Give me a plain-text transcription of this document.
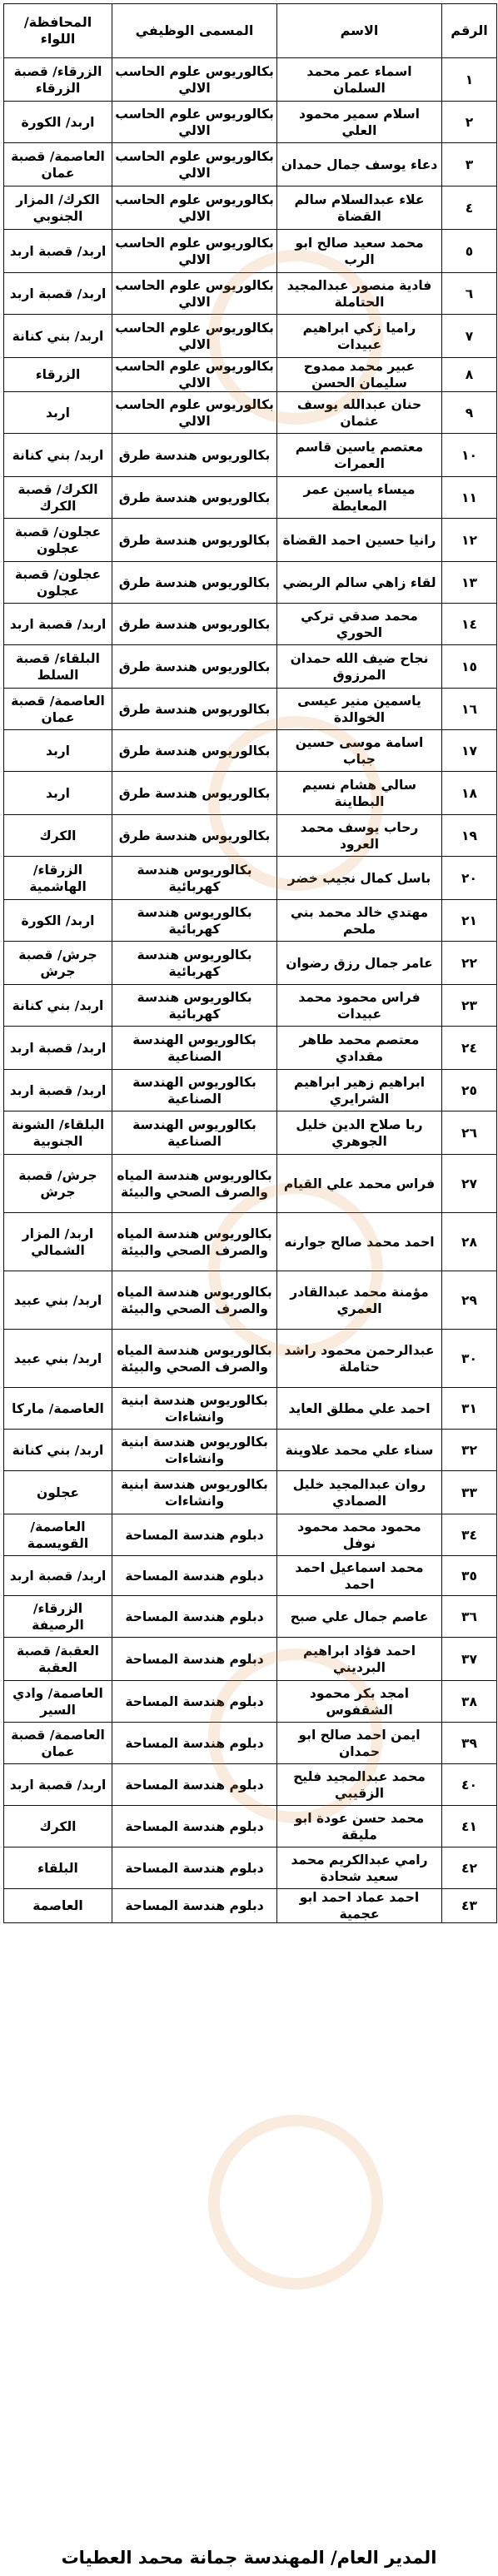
الرقم	الاسم	المسمى الوظيفي	المحافظة/ اللواء
١	اسماء عمر محمد السلمان	بكالوريوس علوم الحاسب الالي	الزرقاء/ قصبة الزرقاء
٢	اسلام سمير محمود العلي	بكالوريوس علوم الحاسب الالي	اربد/ الكورة
٣	دعاء يوسف جمال حمدان	بكالوريوس علوم الحاسب الالي	العاصمة/ قصبة عمان
٤	علاء عبدالسلام سالم القضاة	بكالوريوس علوم الحاسب الالي	الكرك/ المزار الجنوبي
٥	محمد سعيد صالح ابو الرب	بكالوريوس علوم الحاسب الالي	اربد/ قصبة اربد
٦	فادية منصور عبدالمجيد الحتاملة	بكالوريوس علوم الحاسب الالي	اربد/ قصبة اربد
٧	راميا زكي ابراهيم عبيدات	بكالوريوس علوم الحاسب الالي	اربد/ بني كنانة
٨	عبير محمد ممدوح سليمان الحسن	بكالوريوس علوم الحاسب الالي	الزرقاء
٩	حنان عبدالله يوسف عثمان	بكالوريوس علوم الحاسب الالي	اربد
١٠	معتصم ياسين قاسم العمرات	بكالوريوس هندسة طرق	اربد/ بني كنانة
١١	ميساء ياسين عمر المعايطة	بكالوريوس هندسة طرق	الكرك/ قصبة الكرك
١٢	رانيا حسين احمد القضاة	بكالوريوس هندسة طرق	عجلون/ قصبة عجلون
١٣	لقاء زاهي سالم الربضي	بكالوريوس هندسة طرق	عجلون/ قصبة عجلون
١٤	محمد صدقي تركي الحوري	بكالوريوس هندسة طرق	اربد/ قصبة اربد
١٥	نجاح ضيف الله حمدان المرزوق	بكالوريوس هندسة طرق	البلقاء/ قصبة السلط
١٦	ياسمين منير عيسى الخوالدة	بكالوريوس هندسة طرق	العاصمة/ قصبة عمان
١٧	اسامة موسى حسين جباب	بكالوريوس هندسة طرق	اربد
١٨	سالي هشام نسيم البطاينة	بكالوريوس هندسة طرق	اربد
١٩	رحاب يوسف محمد العرود	بكالوريوس هندسة طرق	الكرك
٢٠	باسل كمال نجيب خضر	بكالوريوس هندسة كهربائية	الزرقاء/ الهاشمية
٢١	مهتدي خالد محمد بني ملحم	بكالوريوس هندسة كهربائية	اربد/ الكورة
٢٢	عامر جمال رزق رضوان	بكالوريوس هندسة كهربائية	جرش/ قصبة جرش
٢٣	فراس محمود محمد عبيدات	بكالوريوس هندسة كهربائية	اربد/ بني كنانة
٢٤	معتصم محمد طاهر مقدادي	بكالوريوس الهندسة الصناعية	اربد/ قصبة اربد
٢٥	ابراهيم زهير ابراهيم الشرايري	بكالوريوس الهندسة الصناعية	اربد/ قصبة اربد
٢٦	ربا صلاح الدين خليل الجوهري	بكالوريوس الهندسة الصناعية	البلقاء/ الشونة الجنوبية
٢٧	فراس محمد علي القيام	بكالوريوس هندسة المياه والصرف الصحي والبيئة	جرش/ قصبة جرش
٢٨	احمد محمد صالح جوارنه	بكالوريوس هندسة المياه والصرف الصحي والبيئة	اربد/ المزار الشمالي
٢٩	مؤمنة محمد عبدالقادر العمري	بكالوريوس هندسة المياه والصرف الصحي والبيئة	اربد/ بني عبيد
٣٠	عبدالرحمن محمود راشد حتاملة	بكالوريوس هندسة المياه والصرف الصحي والبيئة	اربد/ بني عبيد
٣١	احمد علي مطلق العايد	بكالوريوس هندسة ابنية وانشاءات	العاصمة/ ماركا
٣٢	سناء علي محمد علاوينة	بكالوريوس هندسة ابنية وانشاءات	اربد/ بني كنانة
٣٣	روان عبدالمجيد خليل الصمادي	بكالوريوس هندسة ابنية وانشاءات	عجلون
٣٤	محمود محمد محمود نوفل	دبلوم هندسة المساحة	العاصمة/ القويسمة
٣٥	محمد اسماعيل احمد احمد	دبلوم هندسة المساحة	اربد/ قصبة اربد
٣٦	عاصم جمال علي صبح	دبلوم هندسة المساحة	الزرقاء/ الرصيفة
٣٧	احمد فؤاد ابراهيم البرديني	دبلوم هندسة المساحة	العقبة/ قصبة العقبة
٣٨	امجد بكر محمود الشقفوس	دبلوم هندسة المساحة	العاصمة/ وادي السير
٣٩	ايمن احمد صالح ابو حمدان	دبلوم هندسة المساحة	العاصمة/ قصبة عمان
٤٠	محمد عبدالمجيد فليح الزقيبي	دبلوم هندسة المساحة	اربد/ قصبة اربد
٤١	محمد حسن عودة ابو مليقة	دبلوم هندسة المساحة	الكرك
٤٢	رامي عبدالكريم محمد سعيد شحادة	دبلوم هندسة المساحة	البلقاء
٤٣	احمد عماد احمد ابو عجمية	دبلوم هندسة المساحة	العاصمة
المدير العام/ المهندسة جمانة محمد العطيات
